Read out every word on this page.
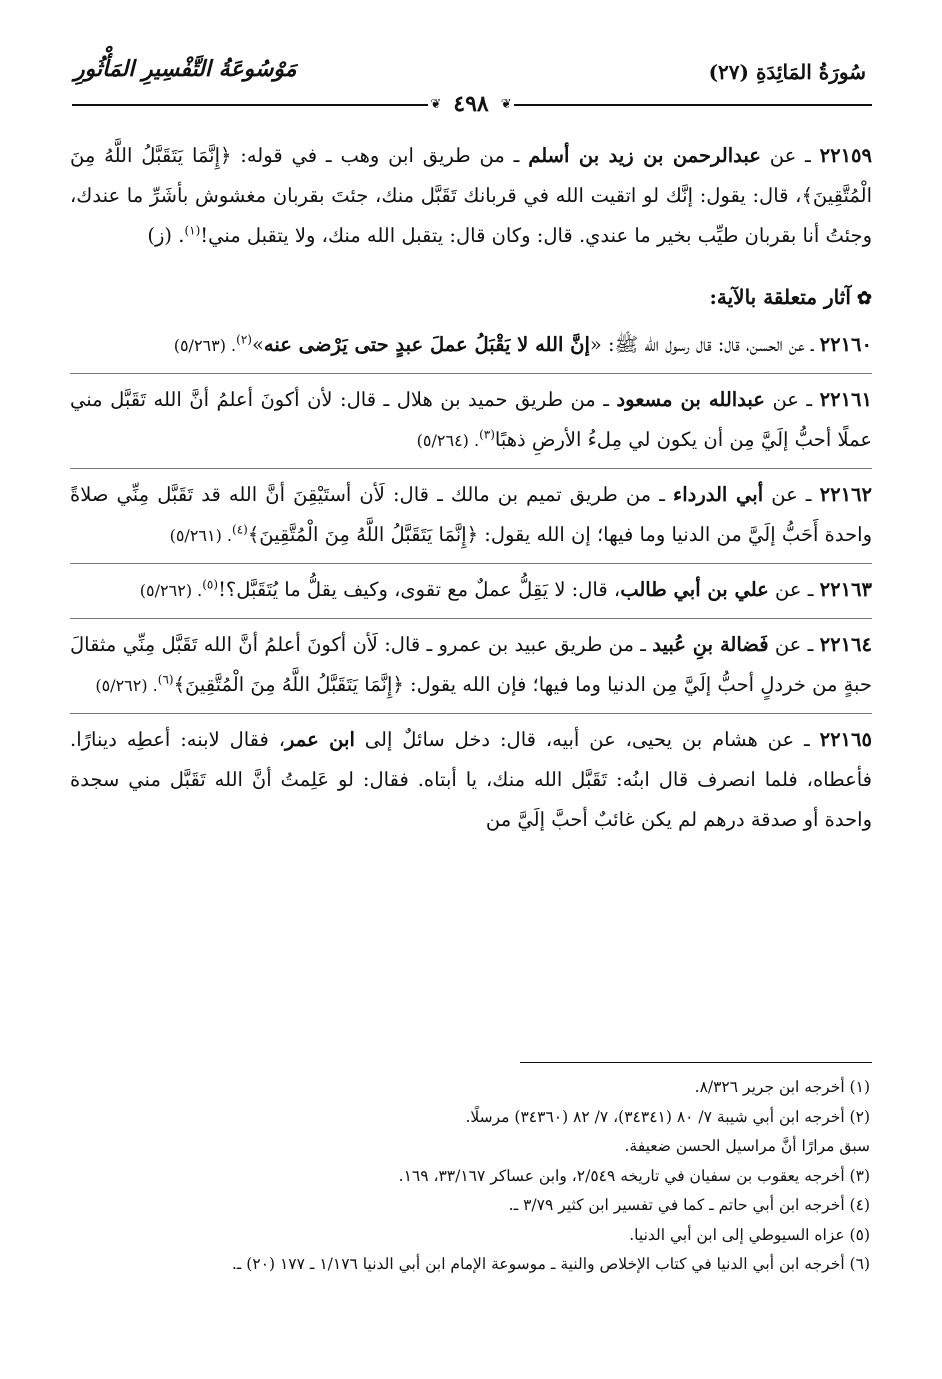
سُورَةُ المَائِدَةِ (٢٧)
مَوْسُوعَةُ التَّفْسِيرِ المَأْثُورِ
❦
٤٩٨
❦

٢٢١٥٩ ـ عن عبدالرحمن بن زيد بن أسلم ـ من طريق ابن وهب ـ في قوله: ﴿إِنَّمَا يَتَقَبَّلُ اللَّهُ مِنَ الْمُتَّقِينَ﴾، قال: يقول: إنَّك لو اتقيت الله في قربانك تَقَبَّل منك، جئتَ بقربان مغشوش بأشَرِّ ما عندك، وجئتُ أنا بقربان طيِّب بخير ما عندي. قال: وكان قال: يتقبل الله منك، ولا يتقبل مني!$^{(١)}$. (ز)

✿آثار متعلقة بالآية:

٢٢١٦٠ ـ عن الحسن، قال: قال رسول الله ﷺ: «إنَّ الله لا يَقْبَلُ عملَ عبدٍ حتى يَرْضى عنه»$^{(٢)}$. (٥/٢٦٣)

٢٢١٦١ ـ عن عبدالله بن مسعود ـ من طريق حميد بن هلال ـ قال: لأن أكونَ أعلمُ أنَّ الله تَقَبَّل مني عملًا أحبُّ إلَيَّ مِن أن يكون لي مِلءُ الأرضِ ذهبًا$^{(٣)}$. (٥/٢٦٤)

٢٢١٦٢ ـ عن أبي الدرداء ـ من طريق تميم بن مالك ـ قال: لَأن أستَيْقِنَ أنَّ الله قد تَقَبَّل مِنِّي صلاةً واحدة أَحَبُّ إلَيَّ من الدنيا وما فيها؛ إن الله يقول: ﴿إِنَّمَا يَتَقَبَّلُ اللَّهُ مِنَ الْمُتَّقِينَ﴾$^{(٤)}$. (٥/٢٦١)

٢٢١٦٣ ـ عن علي بن أبي طالب، قال: لا يَقِلُّ عملٌ مع تقوى، وكيف يقلُّ ما يُتَقَبَّل؟!$^{(٥)}$. (٥/٢٦٢)

٢٢١٦٤ ـ عن فَضالة بنِ عُبيد ـ من طريق عبيد بن عمرو ـ قال: لَأن أكونَ أعلمُ أنَّ الله تَقَبَّل مِنِّي مثقالَ حبةٍ من خردلٍ أحبُّ إلَيَّ مِن الدنيا وما فيها؛ فإن الله يقول: ﴿إِنَّمَا يَتَقَبَّلُ اللَّهُ مِنَ الْمُتَّقِينَ﴾$^{(٦)}$. (٥/٢٦٢)

٢٢١٦٥ ـ عن هشام بن يحيى، عن أبيه، قال: دخل سائلٌ إلى ابن عمر، فقال لابنه: أعطِه دينارًا. فأعطاه، فلما انصرف قال ابنُه: تَقَبَّل الله منك، يا أبتاه. فقال: لو عَلِمتُ أنَّ الله تَقَبَّل مني سجدة واحدة أو صدقة درهم لم يكن غائبٌ أحبَّ إلَيَّ من

(١) أخرجه ابن جرير ٨/٣٢٦.

(٢) أخرجه ابن أبي شيبة ٧/ ٨٠ (٣٤٣٤١)، ٧/ ٨٢ (٣٤٣٦٠) مرسلًا.

سبق مرارًا أنَّ مراسيل الحسن ضعيفة.

(٣) أخرجه يعقوب بن سفيان في تاريخه ٢/٥٤٩، وابن عساكر ٣٣/١٦٧، ١٦٩.

(٤) أخرجه ابن أبي حاتم ـ كما في تفسير ابن كثير ٣/٧٩ ـ.

(٥) عزاه السيوطي إلى ابن أبي الدنيا.

(٦) أخرجه ابن أبي الدنيا في كتاب الإخلاص والنية ـ موسوعة الإمام ابن أبي الدنيا ١/١٧٦ ـ ١٧٧ (٢٠) ـ.
